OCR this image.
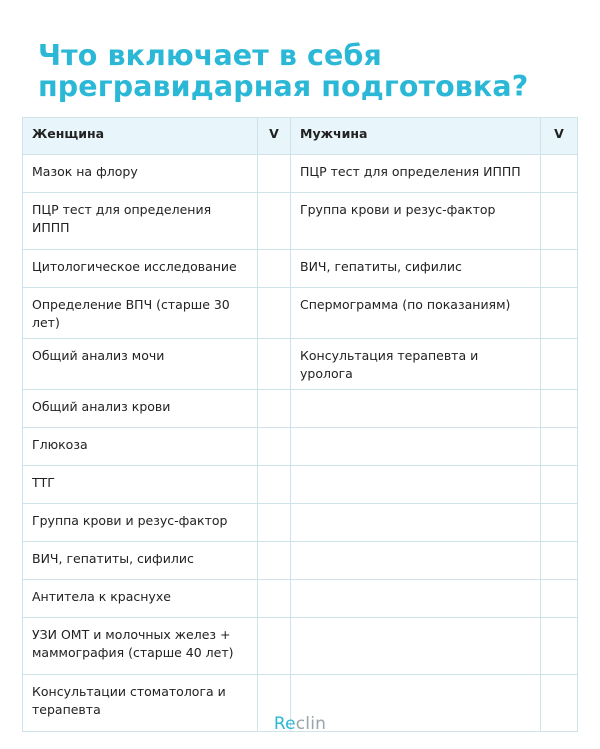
Что включает в себя
прегравидарная подготовка?
Женщина	V	Мужчина	V
Мазок на флору		ПЦР тест для определения ИППП	
ПЦР тест для определения ИППП		Группа крови и резус-фактор	
Цитологическое исследование		ВИЧ, гепатиты, сифилис	
Определение ВПЧ (старше 30 лет)		Спермограмма (по показаниям)	
Общий анализ мочи		Консультация терапевта и уролога	
Общий анализ крови			
Глюкоза			
ТТГ			
Группа крови и резус-фактор			
ВИЧ, гепатиты, сифилис			
Антитела к краснухе			
УЗИ ОМТ и молочных желез + маммография (старше 40 лет)			
Консультации стоматолога и терапевта			
Reclin
